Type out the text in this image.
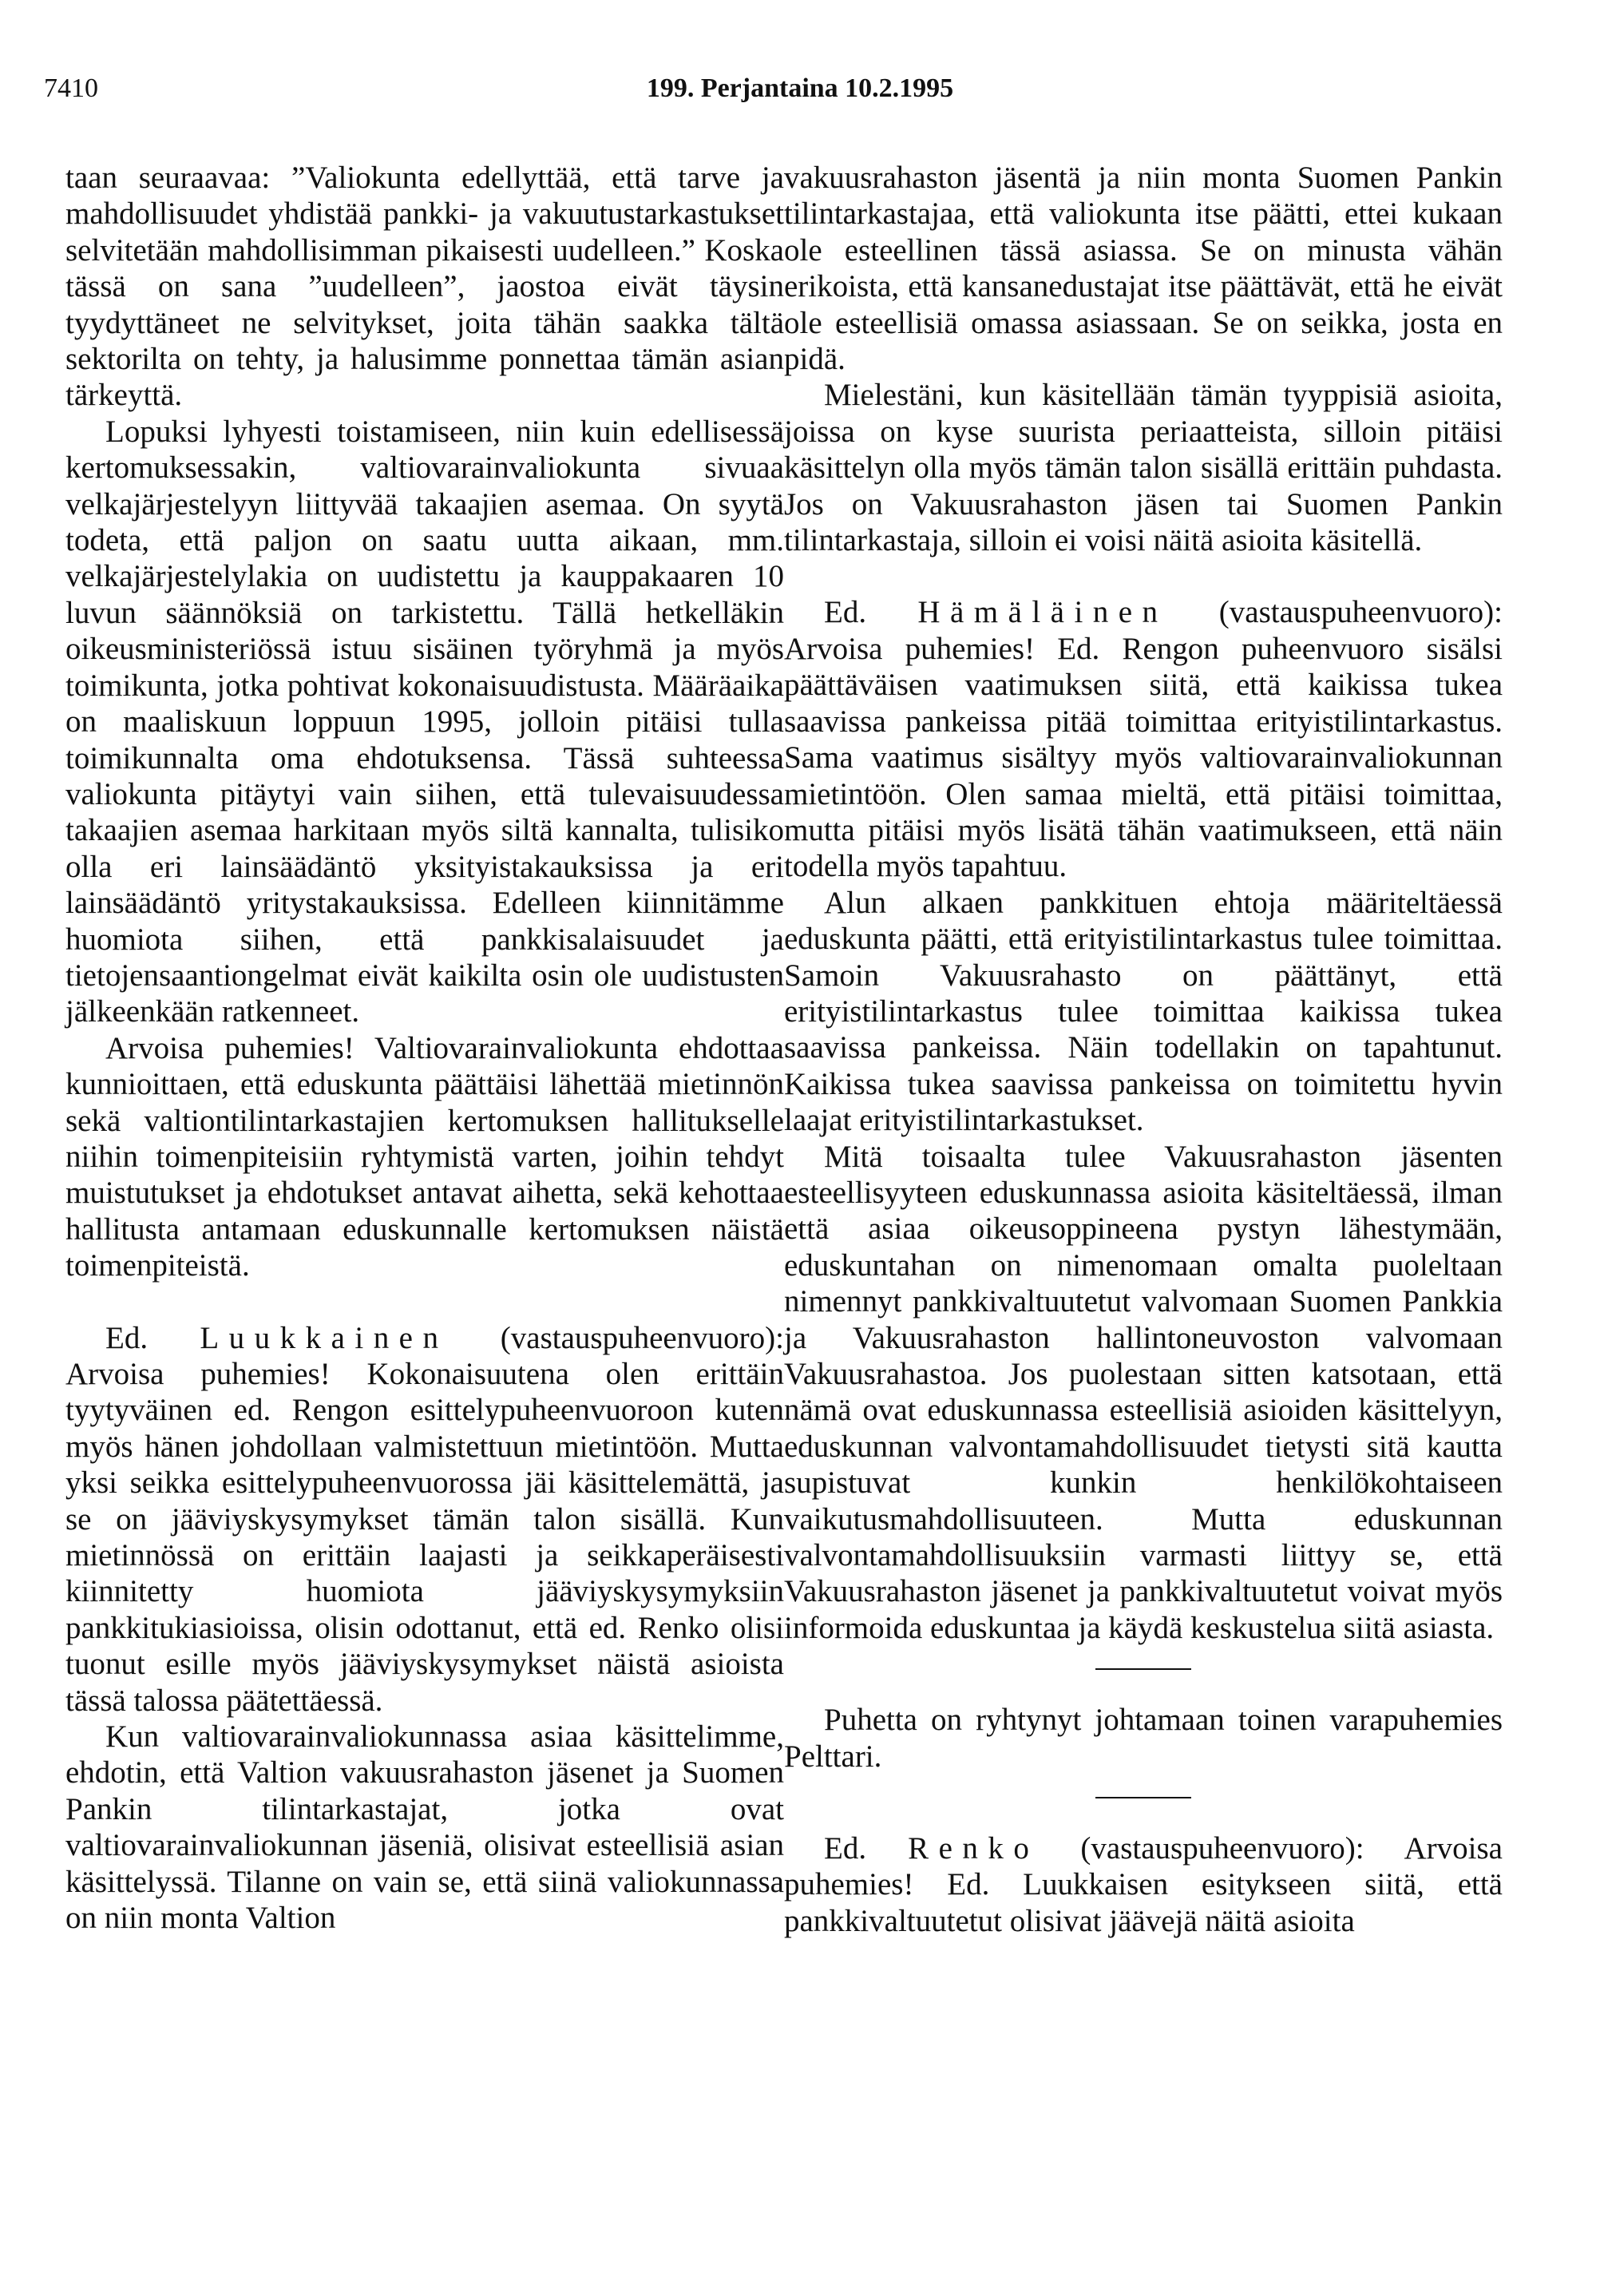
7410	199. Perjantaina 10.2.1995

taan seuraavaa: ”Valiokunta edellyttää, että tarve ja mahdollisuudet yhdistää pankki- ja vakuutustarkastukset selvitetään mahdollisimman pikaisesti uudelleen.” Koska tässä on sana ”uudelleen”, jaostoa eivät täysin tyydyttäneet ne selvitykset, joita tähän saakka tältä sektorilta on tehty, ja halusimme ponnettaa tämän asian tärkeyttä.

Lopuksi lyhyesti toistamiseen, niin kuin edellisessä kertomuksessakin, valtiovarainvaliokunta sivuaa velkajärjestelyyn liittyvää takaajien asemaa. On syytä todeta, että paljon on saatu uutta aikaan, mm. velkajärjestelylakia on uudistettu ja kauppakaaren 10 luvun säännöksiä on tarkistettu. Tällä hetkelläkin oikeusministeriössä istuu sisäinen työryhmä ja myös toimikunta, jotka pohtivat kokonaisuudistusta. Määräaika on maaliskuun loppuun 1995, jolloin pitäisi tulla toimikunnalta oma ehdotuksensa. Tässä suhteessa valiokunta pitäytyi vain siihen, että tulevaisuudessa takaajien asemaa harkitaan myös siltä kannalta, tulisiko olla eri lainsäädäntö yksityistakauksissa ja eri lainsäädäntö yritystakauksissa. Edelleen kiinnitämme huomiota siihen, että pankkisalaisuudet ja tietojensaantiongelmat eivät kaikilta osin ole uudistusten jälkeenkään ratkenneet.

Arvoisa puhemies! Valtiovarainvaliokunta ehdottaa kunnioittaen, että eduskunta päättäisi lähettää mietinnön sekä valtiontilintarkastajien kertomuksen hallitukselle niihin toimenpiteisiin ryhtymistä varten, joihin tehdyt muistutukset ja ehdotukset antavat aihetta, sekä kehottaa hallitusta antamaan eduskunnalle kertomuksen näistä toimenpiteistä.

Ed. Luukkainen (vastauspuheenvuoro): Arvoisa puhemies! Kokonaisuutena olen erittäin tyytyväinen ed. Rengon esittelypuheenvuoroon kuten myös hänen johdollaan valmistettuun mietintöön. Mutta yksi seikka esittelypuheenvuorossa jäi käsittelemättä, ja se on jääviyskysymykset tämän talon sisällä. Kun mietinnössä on erittäin laajasti ja seikkaperäisesti kiinnitetty huomiota jääviyskysymyksiin pankkitukiasioissa, olisin odottanut, että ed. Renko olisi tuonut esille myös jääviyskysymykset näistä asioista tässä talossa päätettäessä.

Kun valtiovarainvaliokunnassa asiaa käsittelimme, ehdotin, että Valtion vakuusrahaston jäsenet ja Suomen Pankin tilintarkastajat, jotka ovat valtiovarainvaliokunnan jäseniä, olisivat esteellisiä asian käsittelyssä. Tilanne on vain se, että siinä valiokunnassa on niin monta Valtion

vakuusrahaston jäsentä ja niin monta Suomen Pankin tilintarkastajaa, että valiokunta itse päätti, ettei kukaan ole esteellinen tässä asiassa. Se on minusta vähän erikoista, että kansanedustajat itse päättävät, että he eivät ole esteellisiä omassa asiassaan. Se on seikka, josta en pidä.

Mielestäni, kun käsitellään tämän tyyppisiä asioita, joissa on kyse suurista periaatteista, silloin pitäisi käsittelyn olla myös tämän talon sisällä erittäin puhdasta. Jos on Vakuusrahaston jäsen tai Suomen Pankin tilintarkastaja, silloin ei voisi näitä asioita käsitellä.

Ed. Hämäläinen (vastauspuheenvuoro): Arvoisa puhemies! Ed. Rengon puheenvuoro sisälsi päättäväisen vaatimuksen siitä, että kaikissa tukea saavissa pankeissa pitää toimittaa erityistilintarkastus. Sama vaatimus sisältyy myös valtiovarainvaliokunnan mietintöön. Olen samaa mieltä, että pitäisi toimittaa, mutta pitäisi myös lisätä tähän vaatimukseen, että näin todella myös tapahtuu.

Alun alkaen pankkituen ehtoja määriteltäessä eduskunta päätti, että erityistilintarkastus tulee toimittaa. Samoin Vakuusrahasto on päättänyt, että erityistilintarkastus tulee toimittaa kaikissa tukea saavissa pankeissa. Näin todellakin on tapahtunut. Kaikissa tukea saavissa pankeissa on toimitettu hyvin laajat erityistilintarkastukset.

Mitä toisaalta tulee Vakuusrahaston jäsenten esteellisyyteen eduskunnassa asioita käsiteltäessä, ilman että asiaa oikeusoppineena pystyn lähestymään, eduskuntahan on nimenomaan omalta puoleltaan nimennyt pankkivaltuutetut valvomaan Suomen Pankkia ja Vakuusrahaston hallintoneuvoston valvomaan Vakuusrahastoa. Jos puolestaan sitten katsotaan, että nämä ovat eduskunnassa esteellisiä asioiden käsittelyyn, eduskunnan valvontamahdollisuudet tietysti sitä kautta supistuvat kunkin henkilökohtaiseen vaikutusmahdollisuuteen. Mutta eduskunnan valvontamahdollisuuksiin varmasti liittyy se, että Vakuusrahaston jäsenet ja pankkivaltuutetut voivat myös informoida eduskuntaa ja käydä keskustelua siitä asiasta.

Puhetta on ryhtynyt johtamaan toinen varapuhemies Pelttari.

Ed. Renko (vastauspuheenvuoro): Arvoisa puhemies! Ed. Luukkaisen esitykseen siitä, että pankkivaltuutetut olisivat jäävejä näitä asioita
